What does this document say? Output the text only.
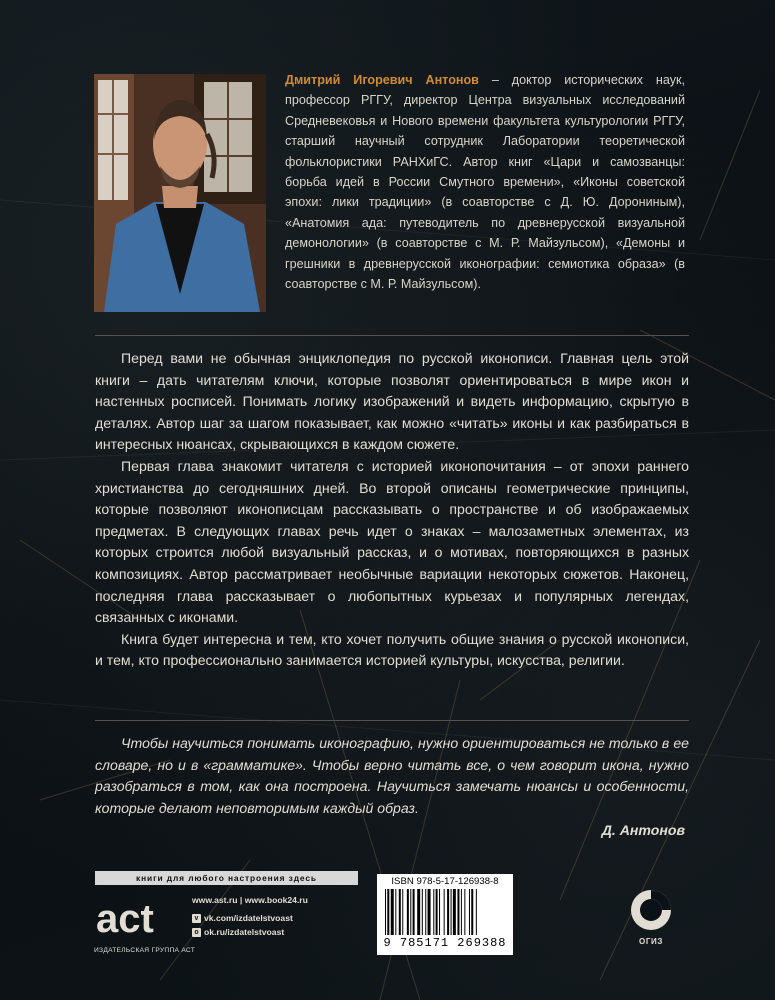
Дмитрий Игоревич Антонов – доктор исторических наук, профессор РГГУ, директор Центра визуальных исследований Средневековья и Нового времени факультета культурологии РГГУ, старший научный сотрудник Лаборатории теоретической фольклористики РАНХиГС. Автор книг «Цари и самозванцы: борьба идей в России Смутного времени», «Иконы советской эпохи: лики традиции» (в соавторстве с Д. Ю. Дорониным), «Анатомия ада: путеводитель по древнерусской визуальной демонологии» (в соавторстве с М. Р. Майзульсом), «Демоны и грешники в древнерусской иконографии: семиотика образа» (в соавторстве с М. Р. Майзульсом).

Перед вами не обычная энциклопедия по русской иконописи. Главная цель этой книги – дать читателям ключи, которые позволят ориентироваться в мире икон и настенных росписей. Понимать логику изображений и видеть информацию, скрытую в деталях. Автор шаг за шагом показывает, как можно «читать» иконы и как разбираться в интересных нюансах, скрывающихся в каждом сюжете.

Первая глава знакомит читателя с историей иконопочитания – от эпохи раннего христианства до сегодняшних дней. Во второй описаны геометрические принципы, которые позволяют иконописцам рассказывать о пространстве и об изображаемых предметах. В следующих главах речь идет о знаках – малозаметных элементах, из которых строится любой визуальный рассказ, и о мотивах, повторяющихся в разных композициях. Автор рассматривает необычные вариации некоторых сюжетов. Наконец, последняя глава рассказывает о любопытных курьезах и популярных легендах, связанных с иконами.

Книга будет интересна и тем, кто хочет получить общие знания о русской иконописи, и тем, кто профессионально занимается историей культуры, искусства, религии.

Чтобы научиться понимать иконографию, нужно ориентироваться не только в ее словаре, но и в «грамматике». Чтобы верно читать все, о чем говорит икона, нужно разобраться в том, как она построена. Научиться замечать нюансы и особенности, которые делают неповторимым каждый образ.

Д. Антонов
книги для любого настроения здесь
act
ИЗДАТЕЛЬСКАЯ ГРУППА АСТ
www.ast.ru | www.book24.ru
v vk.com/izdatelstvoast
o ok.ru/izdatelstvoast
ISBN 978-5-17-126938-8
9 785171 269388	ОГИЗ
